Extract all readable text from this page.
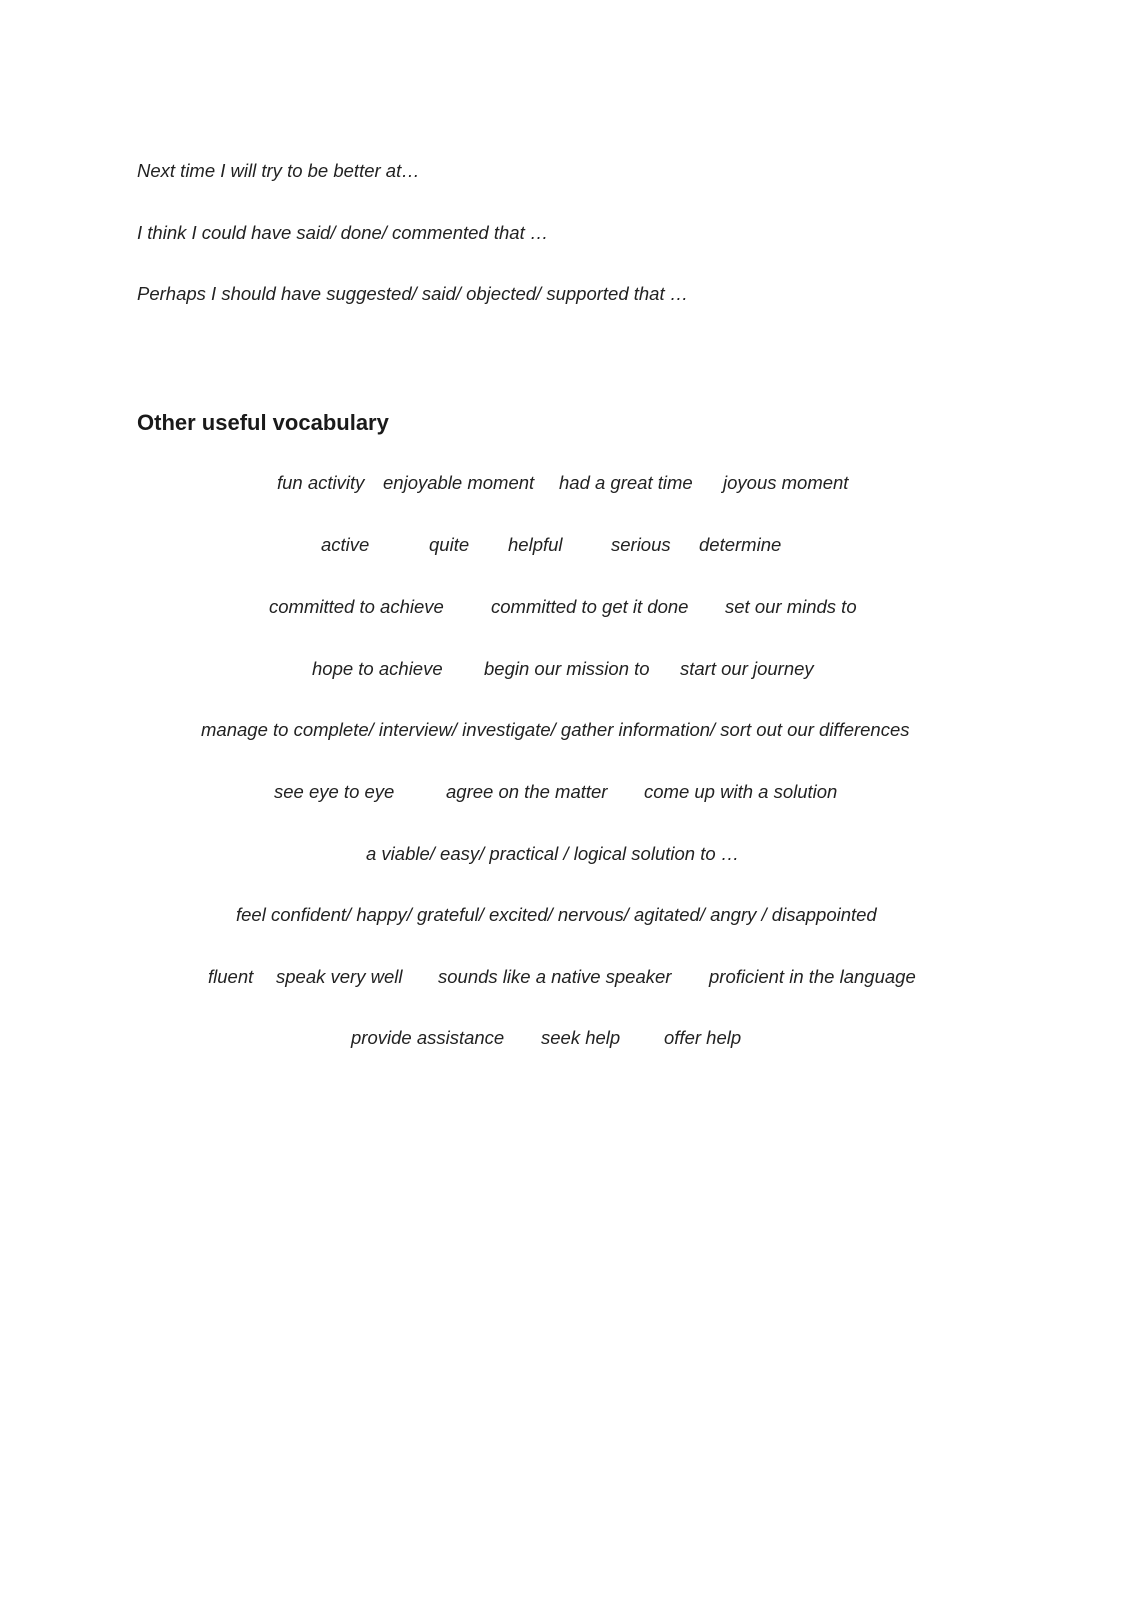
Next time I will try to be better at…
I think I could have said/ done/ commented that …
Perhaps I should have suggested/ said/ objected/ supported that …
Other useful vocabulary
fun activity enjoyable moment had a great time joyous moment
active	quite helpful	serious determine
committed to achieve	committed to get it done set our minds to
hope to achieve begin our mission to start our journey
manage to complete/ interview/ investigate/ gather information/ sort out our differences
see eye to eye	agree on the matter come up with a solution
a viable/ easy/ practical / logical solution to …
feel confident/ happy/ grateful/ excited/ nervous/ agitated/ angry / disappointed
fluent speak very well sounds like a native speaker proficient in the language
provide assistance seek help offer help
